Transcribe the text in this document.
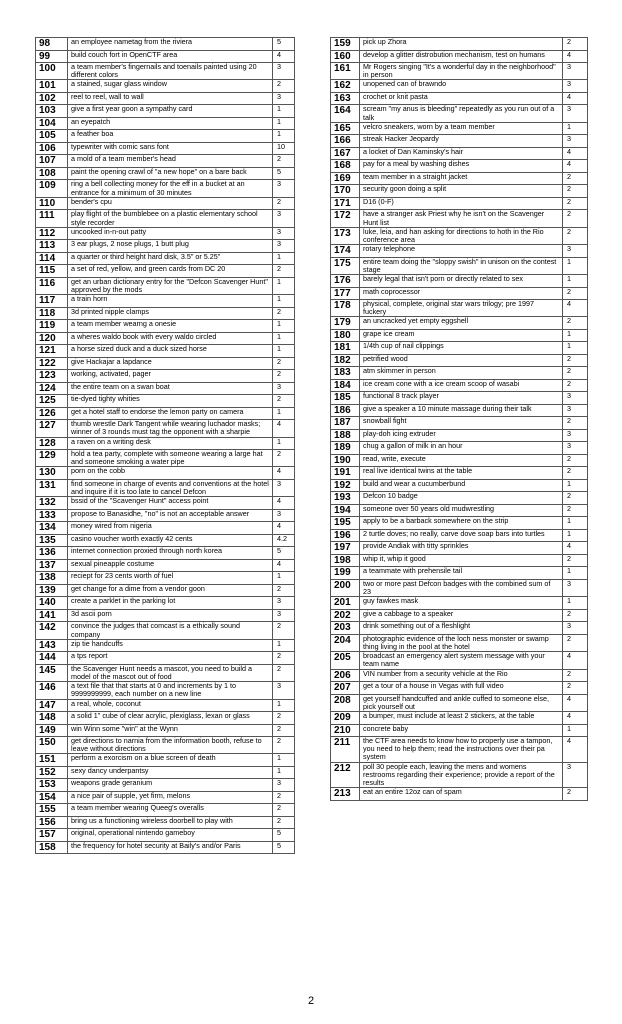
98	an employee nametag from the riviera	5
99	build couch fort in OpenCTF area	4
100	a team member's fingernails and toenails painted using 20 different colors	3
101	a stained, sugar glass window	2
102	reel to reel, wall to wall	3
103	give a first year goon a sympathy card	1
104	an eyepatch	1
105	a feather boa	1
106	typewriter with comic sans font	10
107	a mold of a team member's head	2
108	paint the opening crawl of "a new hope" on a bare back	5
109	ring a bell collecting money for the eff in a bucket at an entrance for a minimum of 30 minutes	3
110	bender's cpu	2
111	play flight of the bumblebee on a plastic elementary school style recorder	3
112	uncooked in-n-out patty	3
113	3 ear plugs, 2 nose plugs, 1 butt plug	3
114	a quarter or third height hard disk, 3.5" or 5.25"	1
115	a set of red, yellow, and green cards from DC 20	2
116	get an urban dictionary entry for the "Defcon Scavenger Hunt" approved by the mods	1
117	a train horn	1
118	3d printed nipple clamps	2
119	a team member wearng a onesie	1
120	a wheres waldo book with every waldo circled	1
121	a horse sized duck and a duck sized horse	1
122	give Hackajar a lapdance	2
123	working, activated, pager	2
124	the entire team on a swan boat	3
125	tie-dyed tighty whities	2
126	get a hotel staff to endorse the lemon party on camera	1
127	thumb wrestle Dark Tangent while wearing luchador masks; winner of 3 rounds must tag the opponent with a sharpie	4
128	a raven on a writing desk	1
129	hold a tea party, complete with someone wearing a large hat and someone smoking a water pipe	2
130	porn on the cobb	4
131	find someone in charge of events and conventions at the hotel and inquire if it is too late to cancel Defcon	3
132	bssid of the "Scavenger Hunt" access point	4
133	propose to Banasidhe, "no" is not an acceptable answer	3
134	money wired from nigeria	4
135	casino voucher worth exactly 42 cents	4.2
136	internet connection proxied through north korea	5
137	sexual pineapple costume	4
138	reciept for 23 cents worth of fuel	1
139	get change for a dime from a vendor goon	2
140	create a parklet in the parking lot	3
141	3d ascii porn	3
142	convince the judges that comcast is a ethically sound company	2
143	zip tie handcuffs	1
144	a tps report	2
145	the Scavenger Hunt needs a mascot, you need to build a model of the mascot out of food	2
146	a text file that that starts at 0 and increments by 1 to 9999999999, each number on a new line	3
147	a real, whole, coconut	1
148	a solid 1" cube of clear acrylic, plexiglass, lexan or glass	2
149	win Winn some "win" at the Wynn	2
150	get directions to narnia from the information booth, refuse to leave without directions	2
151	perform a exorcism on a blue screen of death	1
152	sexy dancy underpantsy	1
153	weapons grade geranium	3
154	a nice pair of supple, yet firm, melons	2
155	a team member wearing Queeg's overalls	2
156	bring us a functioning wireless doorbell to play with	2
157	original, operational nintendo gameboy	5
158	the frequency for hotel security at Baily's and/or Paris	5
159	pick up Zhora	2
160	develop a glitter distrobution mechanism, test on humans	4
161	Mr Rogers singing "It's a wonderful day in the neighborhood" in person	3
162	unopened can of brawndo	3
163	crochet or knit pasta	4
164	scream "my anus is bleeding" repeatedly as you run out of a talk	3
165	velcro sneakers, worn by a team member	1
166	streak Hacker Jeopardy	3
167	a locket of Dan Kaminsky's hair	4
168	pay for a meal by washing dishes	4
169	team member in a straight jacket	2
170	security goon doing a split	2
171	D16 (0-F)	2
172	have a stranger ask Priest why he isn't on the Scavenger Hunt list	2
173	luke, leia, and han asking for directions to hoth in the Rio conference area	2
174	rotary telephone	3
175	entire team doing the "sloppy swish" in unison on the contest stage	1
176	barely legal that isn't porn or directly related to sex	1
177	math coprocessor	2
178	physical, complete, original star wars trilogy; pre 1997 fuckery	4
179	an uncracked yet empty eggshell	2
180	grape ice cream	1
181	1/4th cup of nail clippings	1
182	petrified wood	2
183	atm skimmer in person	2
184	ice cream cone with a ice cream scoop of wasabi	2
185	functional 8 track player	3
186	give a speaker a 10 minute massage during their talk	3
187	snowball fight	2
188	play-doh icing extruder	3
189	chug a gallon of milk in an hour	3
190	read, write, execute	2
191	real live identical twins at the table	2
192	build and wear a cucumberbund	1
193	Defcon 10 badge	2
194	someone over 50 years old mudwrestling	2
195	apply to be a barback somewhere on the strip	1
196	2 turtle doves; no really, carve dove soap bars into turtles	1
197	provide Andiak with titty sprinkles	4
198	whip it, whip it good	2
199	a teammate with prehensile tail	1
200	two or more past Defcon badges with the combined sum of 23	3
201	guy fawkes mask	1
202	give a cabbage to a speaker	2
203	drink something out of a fleshlight	3
204	photographic evidence of the loch ness monster or swamp thing living in the pool at the hotel	2
205	broadcast an emergency alert system message with your team name	4
206	VIN number from a security vehicle at the Rio	2
207	get a tour of a house in Vegas with full video	2
208	get yourself handcuffed and ankle cuffed to someone else, pick yourself out	4
209	a bumper, must include at least 2 stickers, at the table	4
210	concrete baby	1
211	the CTF area needs to know how to properly use a tampon, you need to help them; read the instructions over their pa system	4
212	poll 30 people each, leaving the mens and womens restrooms regarding their experience; provide a report of the results	3
213	eat an entire 12oz can of spam	2
2
